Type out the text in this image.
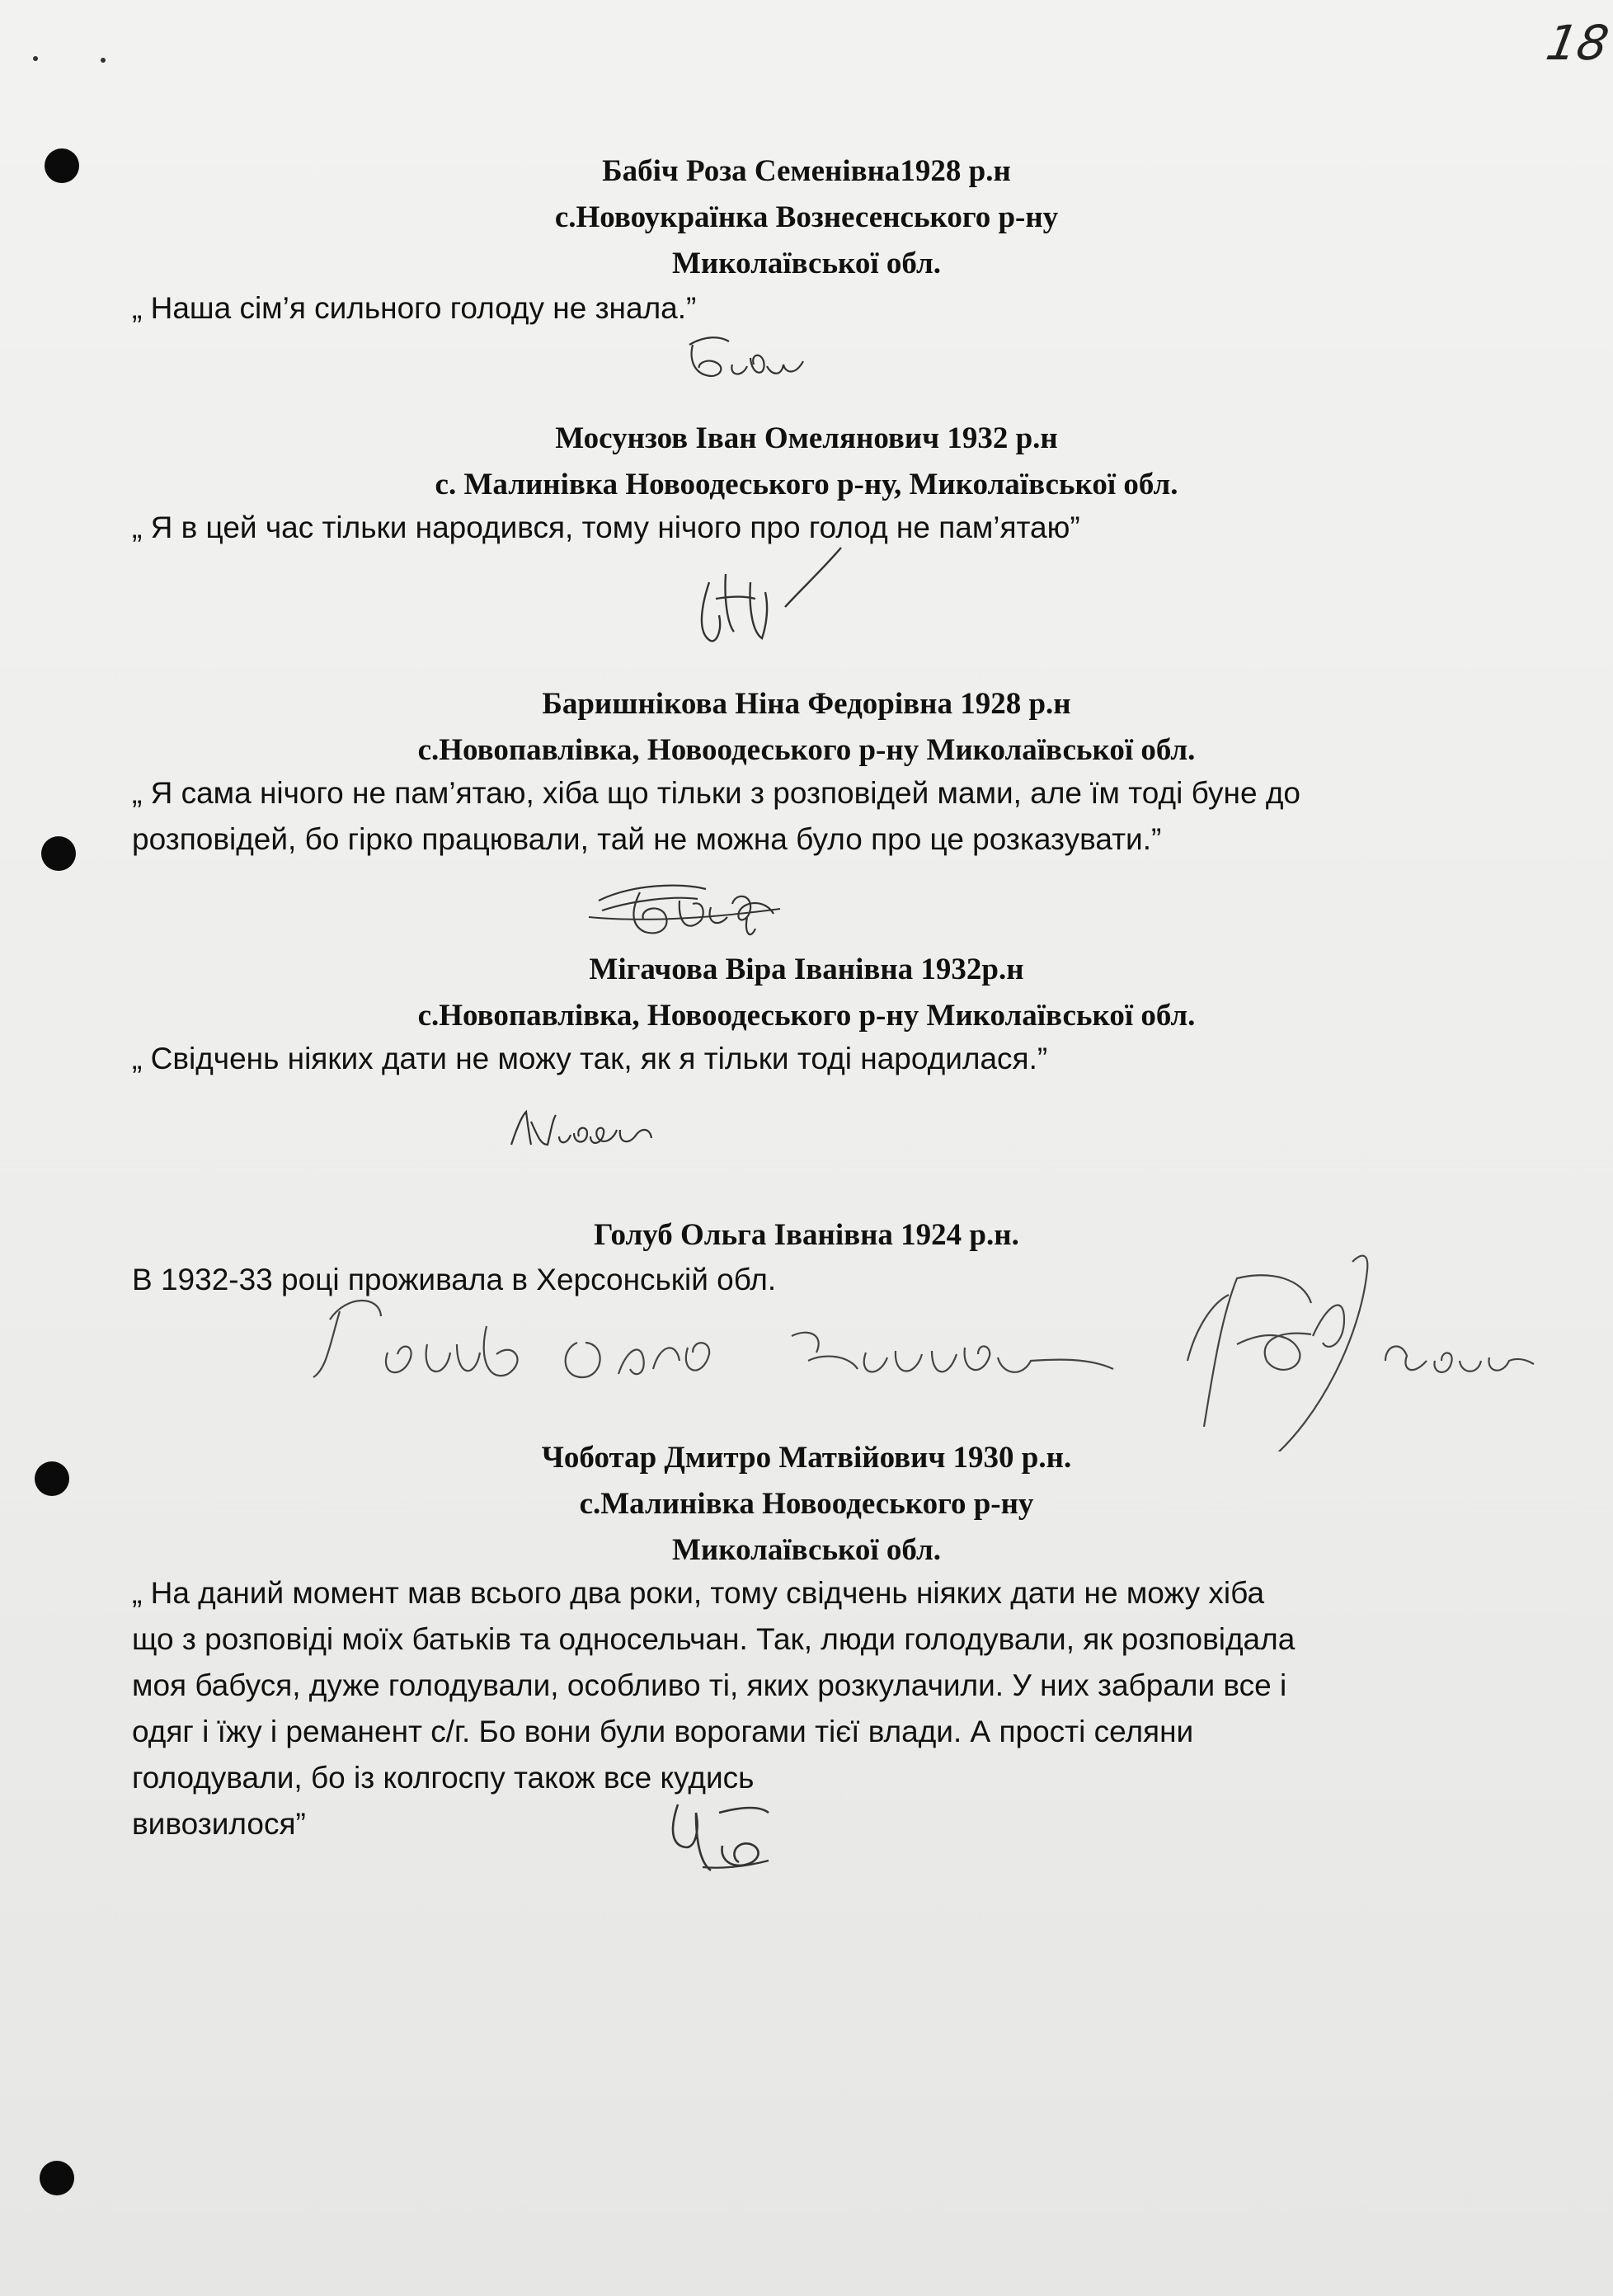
18
Бабіч Роза Семенівна1928 р.н
с.Новоукраїнка Вознесенського р-ну
Миколаївської обл.
„ Наша сім’я сильного голоду не знала.”
Мосунзов Іван Омелянович 1932 р.н
с. Малинівка Новоодеського р-ну, Миколаївської обл.
„ Я в цей час тільки народився, тому нічого про голод не пам’ятаю”
Баришнікова Ніна Федорівна 1928 р.н
с.Новопавлівка, Новоодеського р-ну Миколаївської обл.
„ Я сама нічого не пам’ятаю, хіба що тільки з розповідей мами, але їм тоді буне до
розповідей, бо гірко працювали, тай не можна було про це розказувати.”
Мігачова Віра Іванівна 1932р.н
с.Новопавлівка, Новоодеського р-ну Миколаївської обл.
„ Свідчень ніяких дати не можу так, як я тільки тоді народилася.”
Голуб Ольга Іванівна 1924 р.н.
В 1932-33 році проживала в Херсонській обл.
Чоботар Дмитро Матвійович 1930 р.н.
с.Малинівка Новоодеського р-ну
Миколаївської обл.
„ На даний момент мав всього два роки, тому свідчень ніяких дати не можу хіба
що з розповіді моїх батьків та односельчан. Так, люди голодували, як розповідала
моя бабуся, дуже голодували, особливо ті, яких розкулачили. У них забрали все і
одяг і їжу і реманент с/г. Бо вони були ворогами тієї влади. А прості селяни
голодували, бо із колгоспу також все кудись
вивозилося”
